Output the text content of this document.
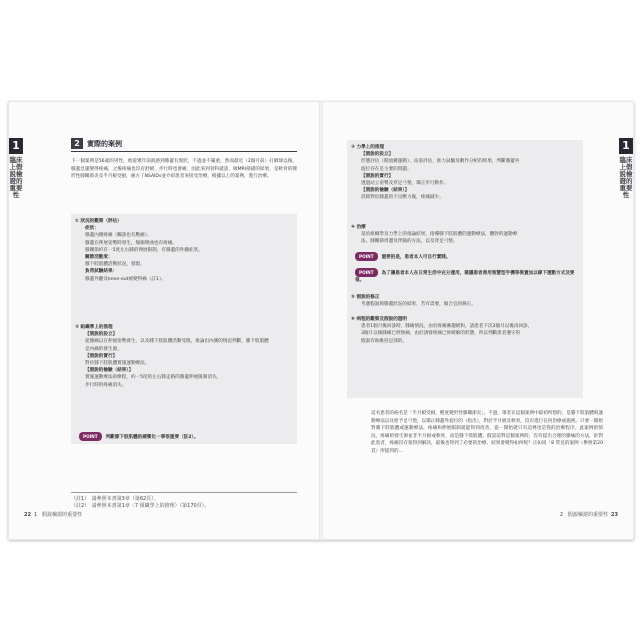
1
臨床上假説檢證的重要性
2	實際的案例
下一個案例是56歲的男性，他從幾年前就感到膝蓋有異狀，不過並不嚴重，然而最近（2個月前）打網球以後，膝蓋急遽變得疼痛，之後疼痛也沒有舒緩，步行時也會痛，因此來到骨科就診，做MRI掃描的結果，是軟骨的變形性膝關節炎及半月板受損，處方了NSAIDs並介紹患者來接受治療，根據以上的案例，進行治療。
① 狀況的觀察（評估）
症狀：
膝蓋內側疼痛（觸診也有壓痛）、
膝蓋在伸展姿勢時發生，頻頻彎曲也有疼痛。
膝關節約有一5度左右膝的伸展限制，有膝蓋的外翻症狀。
關節活動度：
膝下肢肌體活動狀況，發現。
負荷試驗結果：
膝蓋外翻及knee-out被變得痛（註1）。
② 組織學上的推理
【假說的設立】
從膝痛以在伸展姿勢發生，以及膝下肢肌體活動受限，推論出內側的情況判斷，膝下肢肌體
是內痛的發生源。
【假說的實行】
對於膝下肢肌體實施運動療法。
【假說的檢驗（結果）】
實施運動療法的療程，約一5度的左右膝走路的膝蓋伸展限制消失。
步行時的疼痛消失。
POINT 判斷膝下肢肌體的緩衝化一事很重要（註2）。
（註1）　請參照本書第3章（第62頁）。
（註2）　請參照本書第1章〈7 組織學上的推理〉（第170頁）。
22 1　假説檢證的重要性
1
臨床上假説檢證的重要性
③ 力學上的推理
【假說的設立】
形態評估（開放鏈運動）、站姿評估，推力試驗及動作分析的結果，判斷膝蓋外
旋位存在是主要的問題。
【假說的實行】
透過站立姿勢及穿足弓墊，矯正步行動作。
【假說的檢驗（結果）】
消除對於膝蓋的不良壓力後，疼痛減少。
④ 治療
基於組織學及力學上的推論結果，指導膝下肢肌體的運動療法，體幹的運動療
法、膝關節周邊及伴隨的方法，以及穿足弓墊。
POINT 重要的是，患者本人可自行實踐。
POINT 為了讓患者本人在日常生活中充分運用，建議患者善用智慧型手機等裝置加以錄下運動方式及要領。
⑤ 假說的修正
考慮假說與膝蓋狀況的結果，若有需要，做合宜的修正。
⑥ 病程的觀察及假說的證明
患者1個月後回診時，膝痛情況，由於疼痛漸趨緩和，請患者下次3個月以後再回診，
3個月以後膝痛已經無痛，由於誘發疼痛已經緩解的狀態，所以判斷患者遵守的
假說有助維持足部的。
這名患者的病名是「半月板受損，輕度變形性膝關節炎」。不過，筆者在這個案例中最初所想的，是膝下肢肌體與運動療法以及給予足弓墊，以矯正膝蓋外旋位的（指出），對於半月板及軟骨，沒有進行任何治療或施術。只要一開始對膝下肢肌體或運動療法，疼痛和伸展限制就能得到改善，從一開始就只有這裡也是我的治療程序。此案例的情況，疼痛的發生源並非半月板或軟骨，而是膝下肢肌體。假設前對這個案例時，沒有提出合理的膝痛的方法，針對此患者，疼痛沒有很得到解決，最後也得到了必要的治療。結果會變得如何呢？正如同「8 常見的案例（參照第20頁）所提到的...
2　假説檢證的重要性 23
